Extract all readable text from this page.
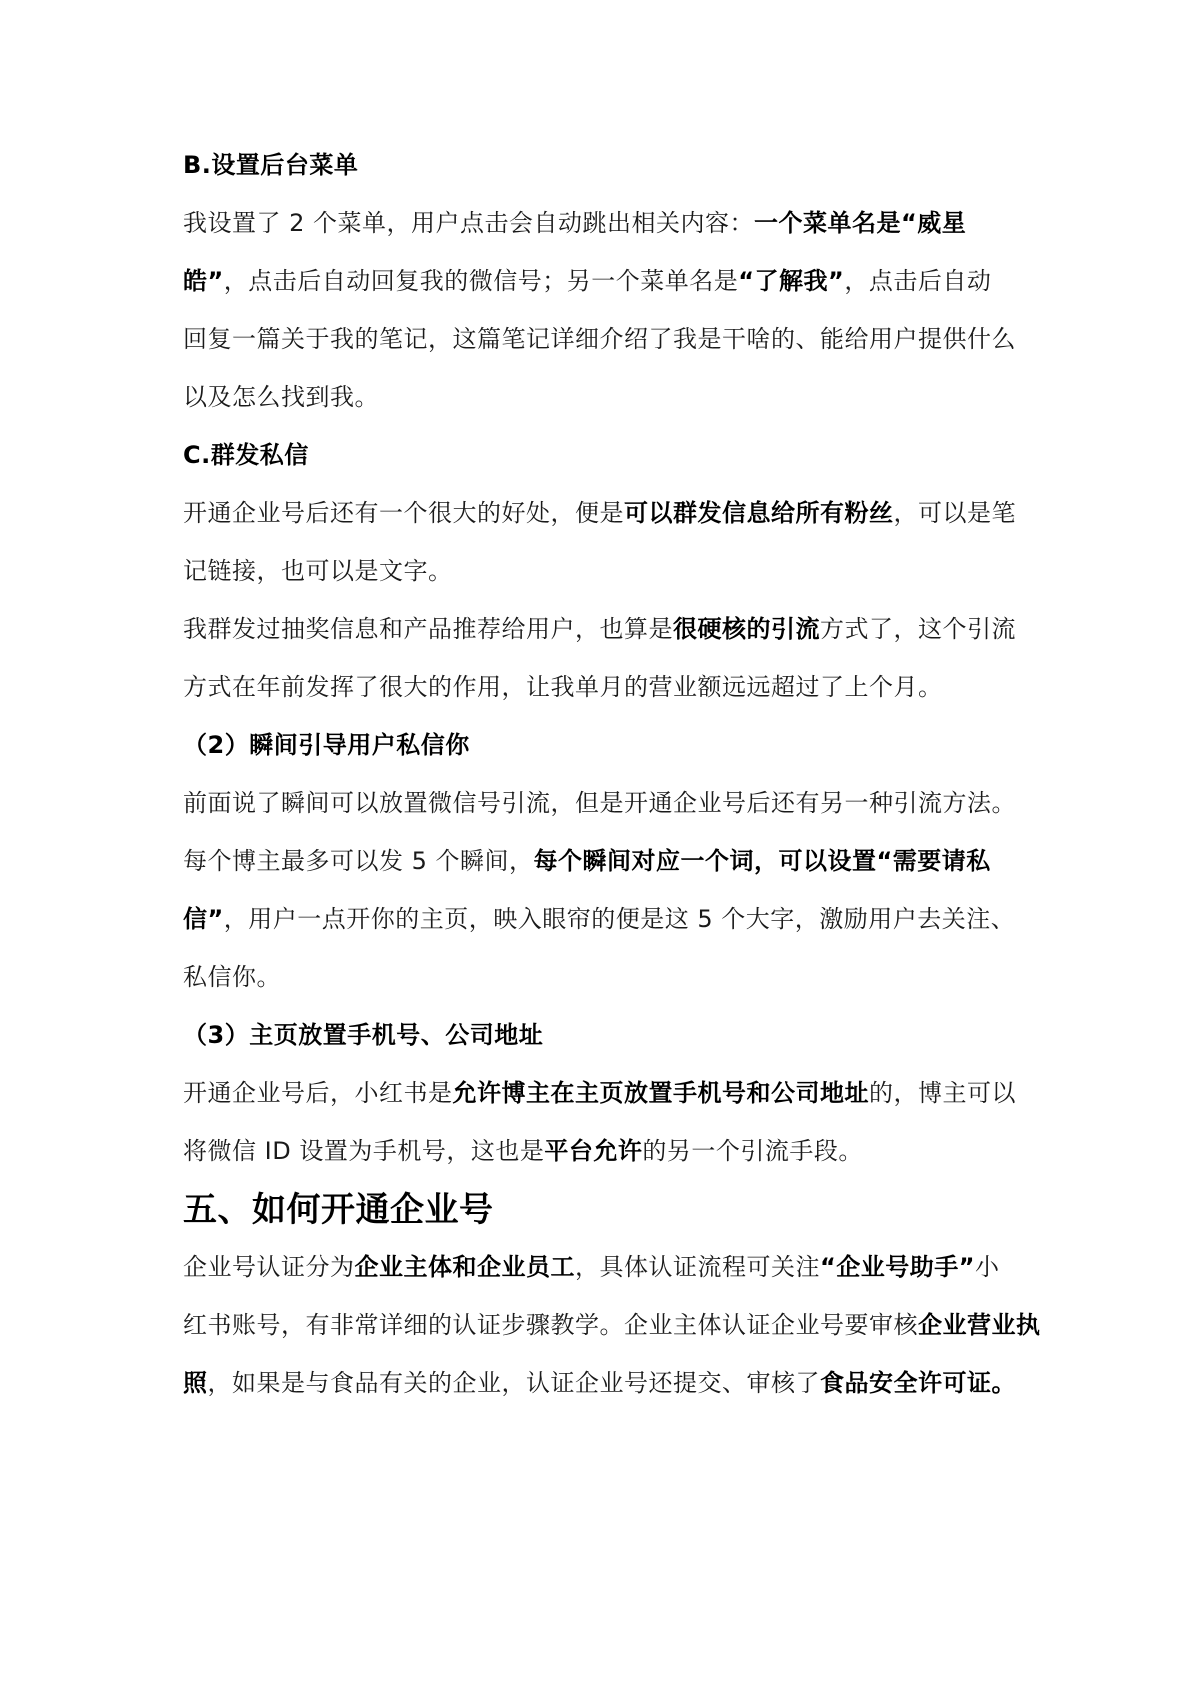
B.设置后台菜单
我设置了 2 个菜单，用户点击会自动跳出相关内容：一个菜单名是“威星
皓”，点击后自动回复我的微信号；另一个菜单名是“了解我”，点击后自动
回复一篇关于我的笔记，这篇笔记详细介绍了我是干啥的、能给用户提供什么
以及怎么找到我。
C.群发私信
开通企业号后还有一个很大的好处，便是可以群发信息给所有粉丝，可以是笔
记链接，也可以是文字。
我群发过抽奖信息和产品推荐给用户，也算是很硬核的引流方式了，这个引流
方式在年前发挥了很大的作用，让我单月的营业额远远超过了上个月。
（2）瞬间引导用户私信你
前面说了瞬间可以放置微信号引流，但是开通企业号后还有另一种引流方法。
每个博主最多可以发 5 个瞬间，每个瞬间对应一个词，可以设置“需要请私
信”，用户一点开你的主页，映入眼帘的便是这 5 个大字，激励用户去关注、
私信你。
（3）主页放置手机号、公司地址
开通企业号后，小红书是允许博主在主页放置手机号和公司地址的，博主可以
将微信 ID 设置为手机号，这也是平台允许的另一个引流手段。
五、如何开通企业号
企业号认证分为企业主体和企业员工，具体认证流程可关注“企业号助手”小
红书账号，有非常详细的认证步骤教学。企业主体认证企业号要审核企业营业执
照，如果是与食品有关的企业，认证企业号还提交、审核了食品安全许可证。
